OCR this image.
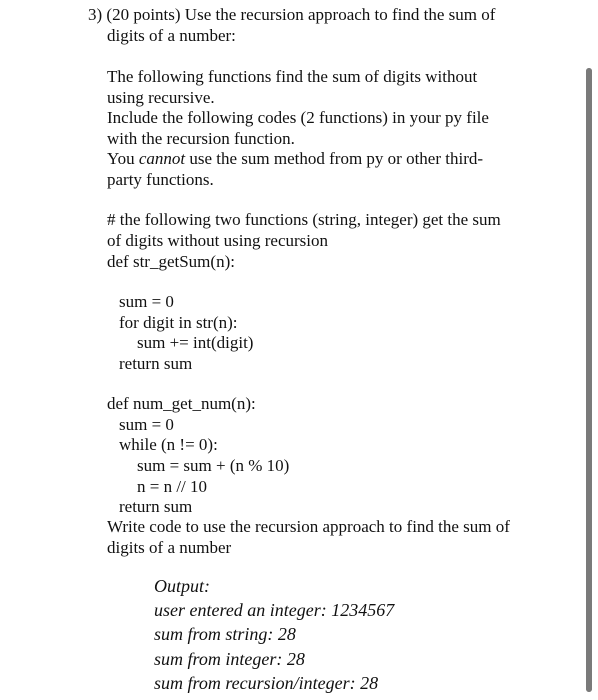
3) (20 points) Use the recursion approach to find the sum of
digits of a number:
The following functions find the sum of digits without
using recursive.
Include the following codes (2 functions) in your py file
with the recursion function.
You cannot use the sum method from py or other third-
party functions.
# the following two functions (string, integer) get the sum
of digits without using recursion
def str_getSum(n):
sum = 0
for digit in str(n):
sum += int(digit)
return sum
def num_get_num(n):
sum = 0
while (n != 0):
sum = sum + (n % 10)
n = n // 10
return sum
Write code to use the recursion approach to find the sum of
digits of a number
Output:
user entered an integer: 1234567
sum from string: 28
sum from integer: 28
sum from recursion/integer: 28
